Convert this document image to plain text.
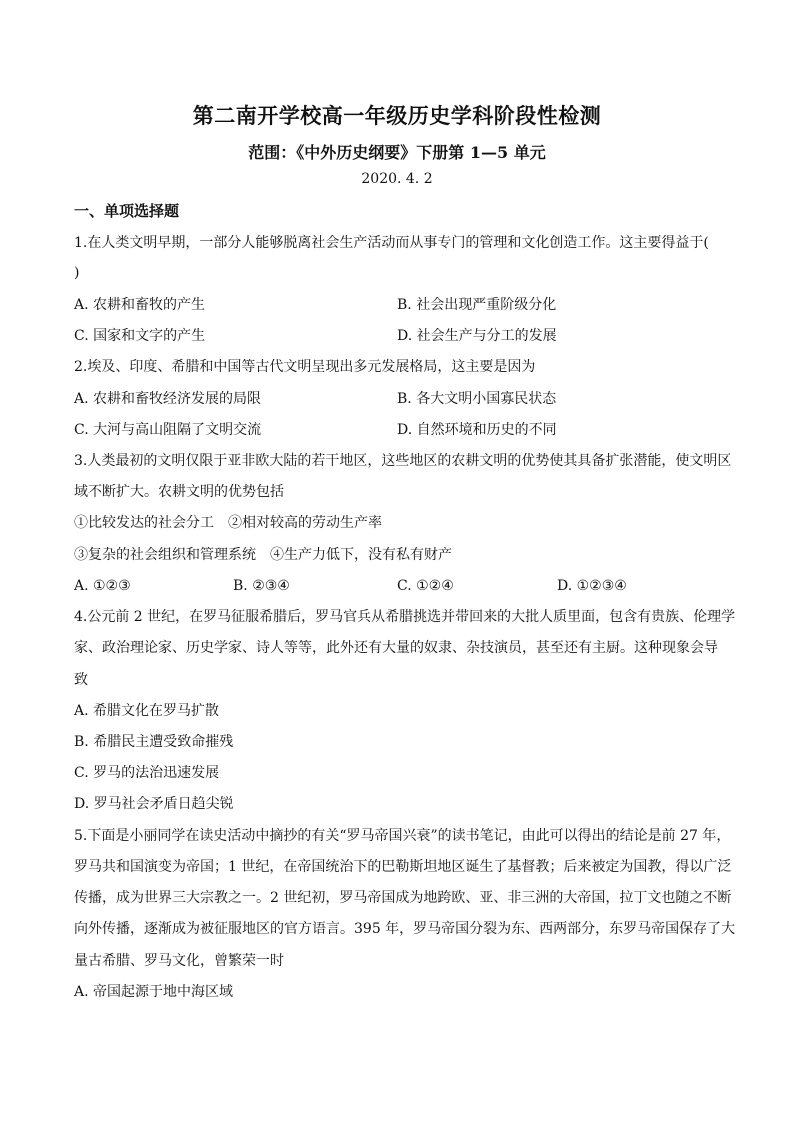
第二南开学校高一年级历史学科阶段性检测
范围：《中外历史纲要》下册第 1—5 单元
2020. 4. 2
一、单项选择题
1.在人类文明早期，一部分人能够脱离社会生产活动而从事专门的管理和文化创造工作。这主要得益于(
)
A. 农耕和畜牧的产生	B. 社会出现严重阶级分化
C. 国家和文字的产生	D. 社会生产与分工的发展
2.埃及、印度、希腊和中国等古代文明呈现出多元发展格局，这主要是因为
A. 农耕和畜牧经济发展的局限	B. 各大文明小国寡民状态
C. 大河与高山阻隔了文明交流	D. 自然环境和历史的不同
3.人类最初的文明仅限于亚非欧大陆的若干地区，这些地区的农耕文明的优势使其具备扩张潜能，使文明区
域不断扩大。农耕文明的优势包括
①比较发达的社会分工　②相对较高的劳动生产率
③复杂的社会组织和管理系统　④生产力低下，没有私有财产
A. ①②③	B. ②③④	C. ①②④	D. ①②③④
4.公元前 2 世纪，在罗马征服希腊后，罗马官兵从希腊挑选并带回来的大批人质里面，包含有贵族、伦理学
家、政治理论家、历史学家、诗人等等，此外还有大量的奴隶、杂技演员，甚至还有主厨。这种现象会导
致
A. 希腊文化在罗马扩散
B. 希腊民主遭受致命摧残
C. 罗马的法治迅速发展
D. 罗马社会矛盾日趋尖锐
5.下面是小丽同学在读史活动中摘抄的有关“罗马帝国兴衰”的读书笔记，由此可以得出的结论是前 27 年，
罗马共和国演变为帝国；1 世纪，在帝国统治下的巴勒斯坦地区诞生了基督教；后来被定为国教，得以广泛
传播，成为世界三大宗教之一。2 世纪初，罗马帝国成为地跨欧、亚、非三洲的大帝国，拉丁文也随之不断
向外传播，逐渐成为被征服地区的官方语言。395 年，罗马帝国分裂为东、西两部分，东罗马帝国保存了大
量古希腊、罗马文化，曾繁荣一时
A. 帝国起源于地中海区域
